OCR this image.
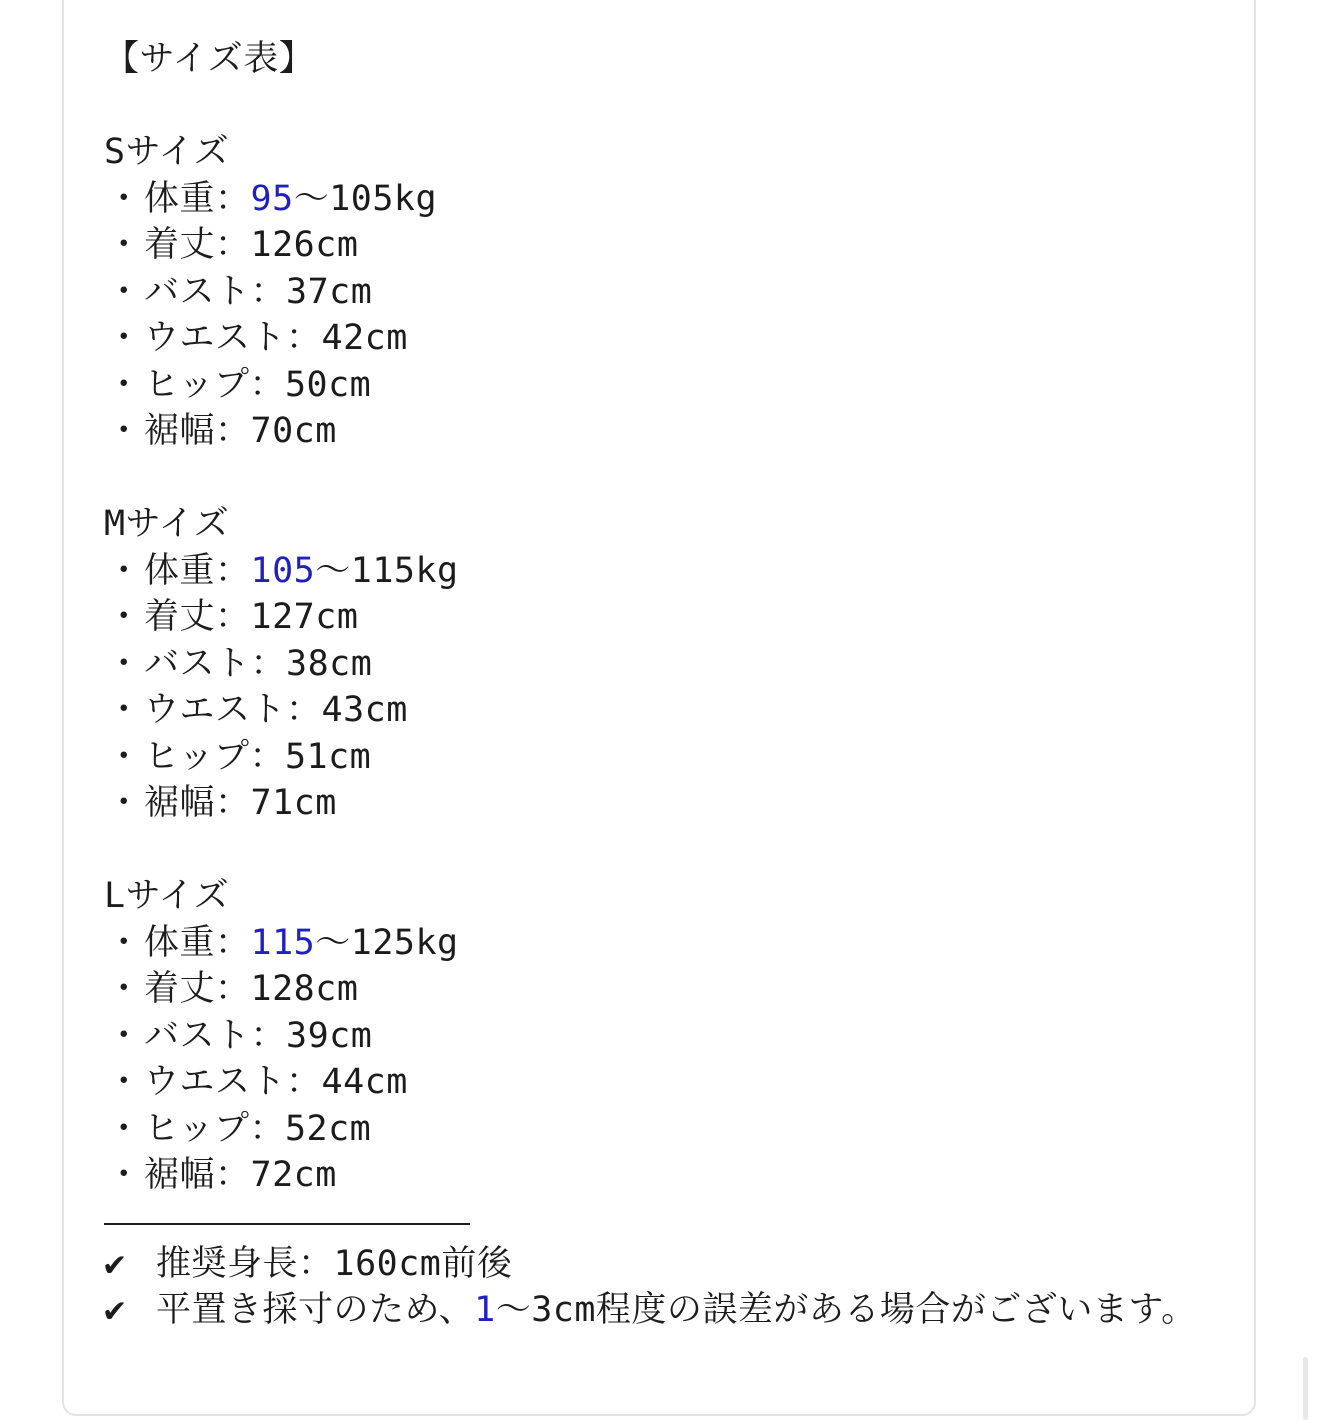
【サイズ表】
Sサイズ
・体重：95～105kg
・着丈：126cm
・バスト：37cm
・ウエスト：42cm
・ヒップ：50cm
・裾幅：70cm
Mサイズ
・体重：105～115kg
・着丈：127cm
・バスト：38cm
・ウエスト：43cm
・ヒップ：51cm
・裾幅：71cm
Lサイズ
・体重：115～125kg
・着丈：128cm
・バスト：39cm
・ウエスト：44cm
・ヒップ：52cm
・裾幅：72cm
✔ 推奨身長：160cm前後
✔ 平置き採寸のため、1～3cm程度の誤差がある場合がございます。
